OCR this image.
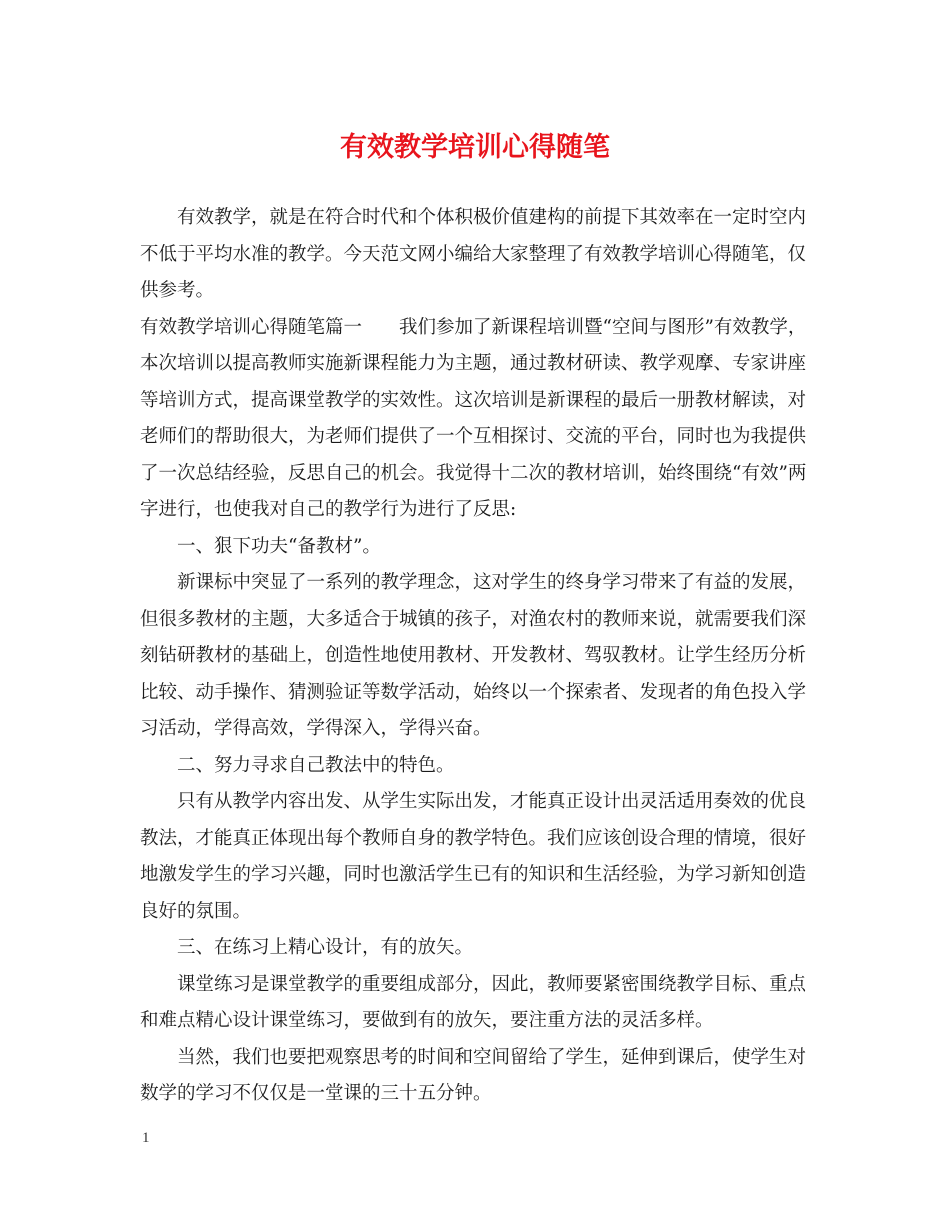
有效教学培训心得随笔

有效教学，就是在符合时代和个体积极价值建构的前提下其效率在一定时空内不低于平均水准的教学。今天范文网小编给大家整理了有效教学培训心得随笔，仅供参考。

有效教学培训心得随笔篇一　　我们参加了新课程培训暨“空间与图形”有效教学，本次培训以提高教师实施新课程能力为主题，通过教材研读、教学观摩、专家讲座等培训方式，提高课堂教学的实效性。这次培训是新课程的最后一册教材解读，对老师们的帮助很大，为老师们提供了一个互相探讨、交流的平台，同时也为我提供了一次总结经验，反思自己的机会。我觉得十二次的教材培训，始终围绕“有效”两字进行，也使我对自己的教学行为进行了反思:

一、狠下功夫“备教材”。

新课标中突显了一系列的教学理念，这对学生的终身学习带来了有益的发展，但很多教材的主题，大多适合于城镇的孩子，对渔农村的教师来说，就需要我们深刻钻研教材的基础上，创造性地使用教材、开发教材、驾驭教材。让学生经历分析比较、动手操作、猜测验证等数学活动，始终以一个探索者、发现者的角色投入学习活动，学得高效，学得深入，学得兴奋。

二、努力寻求自己教法中的特色。

只有从教学内容出发、从学生实际出发，才能真正设计出灵活适用奏效的优良教法，才能真正体现出每个教师自身的教学特色。我们应该创设合理的情境，很好地激发学生的学习兴趣，同时也激活学生已有的知识和生活经验，为学习新知创造良好的氛围。

三、在练习上精心设计，有的放矢。

课堂练习是课堂教学的重要组成部分，因此，教师要紧密围绕教学目标、重点和难点精心设计课堂练习，要做到有的放矢，要注重方法的灵活多样。

当然，我们也要把观察思考的时间和空间留给了学生，延伸到课后，使学生对数学的学习不仅仅是一堂课的三十五分钟。

1
